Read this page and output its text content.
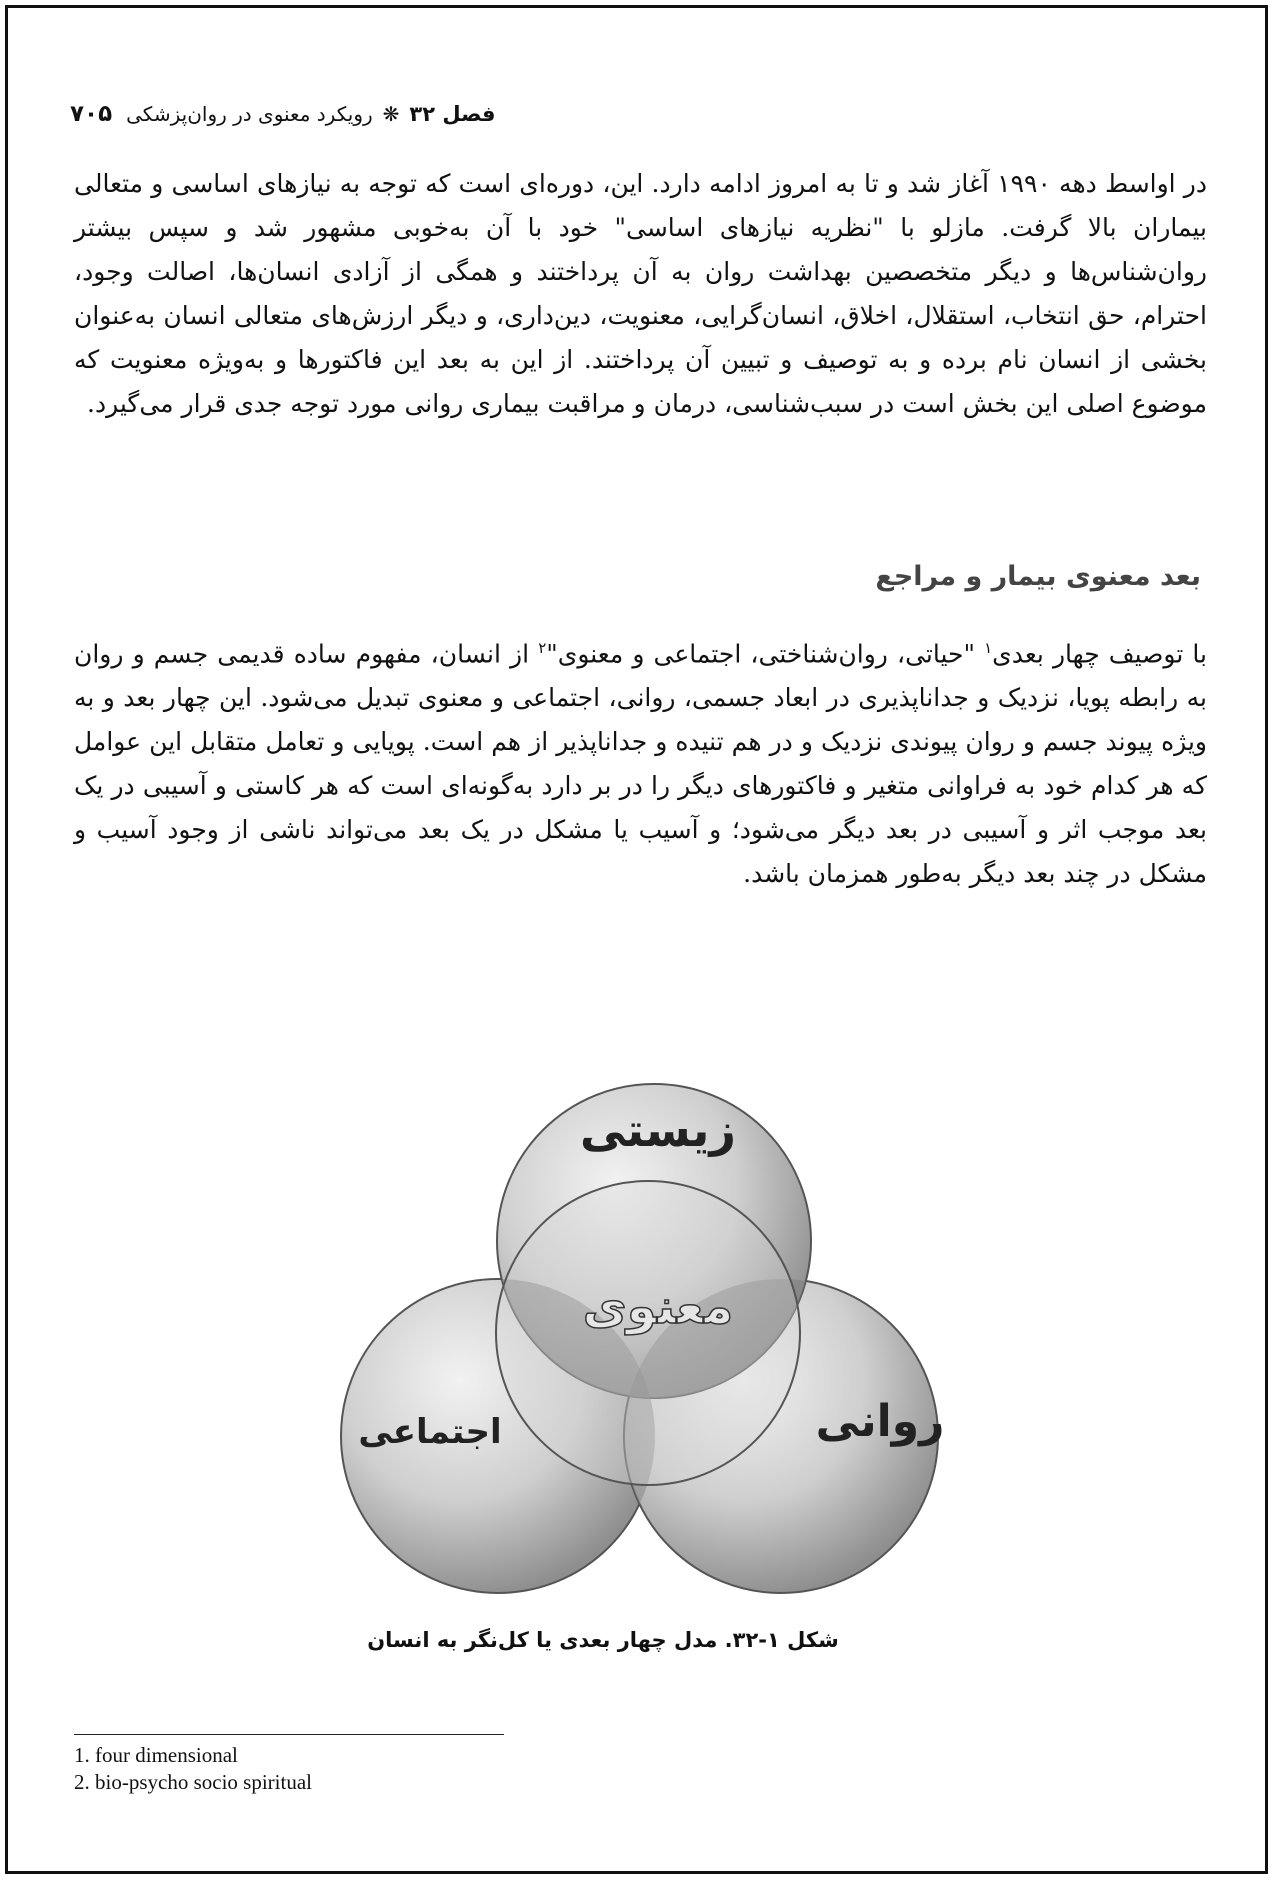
۷۰۵	فصل ۳۲
❋
رویکرد معنوی در روان‌پزشکی
در اواسط دهه ۱۹۹۰ آغاز شد و تا به امروز ادامه دارد. این، دوره‌ای است که توجه به نیازهای اساسی و متعالی بیماران بالا گرفت. مازلو با "نظریه نیازهای اساسی" خود با آن به‌خوبی مشهور شد و سپس بیشتر روان‌شناس‌ها و دیگر متخصصین بهداشت روان به آن پرداختند و همگی از آزادی انسان‌ها، اصالت وجود، احترام، حق انتخاب، استقلال، اخلاق، انسان‌گرایی، معنویت، دین‌داری، و دیگر ارزش‌های متعالی انسان به‌عنوان بخشی از انسان نام برده و به توصیف و تبیین آن پرداختند. از این به بعد این فاکتورها و به‌ویژه معنویت که موضوع اصلی این بخش است در سبب‌شناسی، درمان و مراقبت بیماری روانی مورد توجه جدی قرار می‌گیرد.
بعد معنوی بیمار و مراجع
با توصیف چهار بعدی$^۱$ "حیاتی، روان‌شناختی، اجتماعی و معنوی"$^۲$ از انسان، مفهوم ساده قدیمی جسم و روان به رابطه پویا، نزدیک و جداناپذیری در ابعاد جسمی، روانی، اجتماعی و معنوی تبدیل می‌شود. این چهار بعد و به ویژه پیوند جسم و روان پیوندی نزدیک و در هم تنیده و جداناپذیر از هم است. پویایی و تعامل متقابل این عوامل که هر کدام خود به فراوانی متغیر و فاکتورهای دیگر را در بر دارد به‌گونه‌ای است که هر کاستی و آسیبی در یک بعد موجب اثر و آسیبی در بعد دیگر می‌شود؛ و آسیب یا مشکل در یک بعد می‌تواند ناشی از وجود آسیب و مشکل در چند بعد دیگر به‌طور همزمان باشد.
زیستی
معنوی
اجتماعی	روانی
شکل ۱-۳۲. مدل چهار بعدی یا کل‌نگر به انسان
1. four dimensional
2. bio-psycho socio spiritual
